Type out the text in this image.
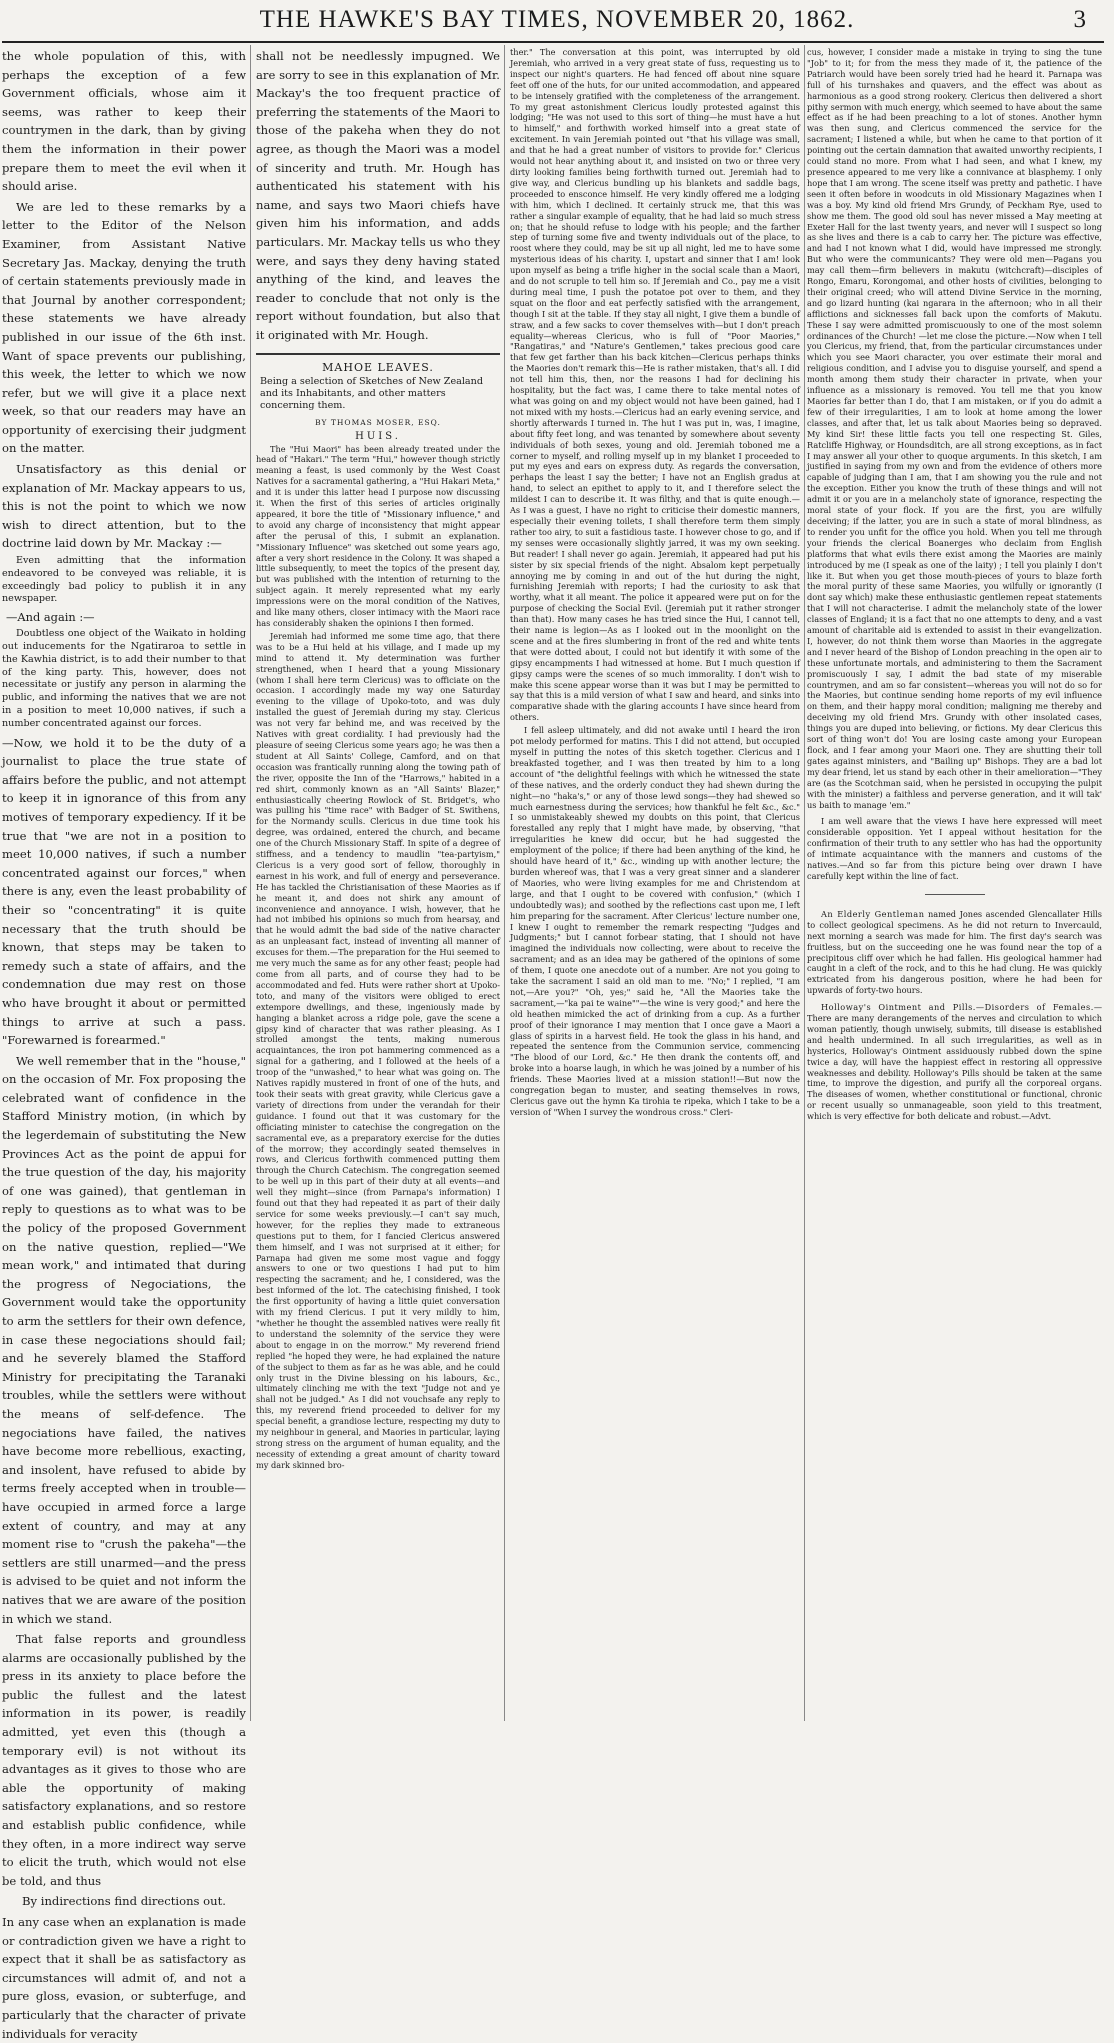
THE HAWKE'S BAY TIMES, NOVEMBER 20, 1862.	3

the whole population of this, with perhaps the exception of a few Government officials, whose aim it seems, was rather to keep their countrymen in the dark, than by giving them the information in their power prepare them to meet the evil when it should arise.

We are led to these remarks by a letter to the Editor of the Nelson Examiner, from Assistant Native Secretary Jas. Mackay, denying the truth of certain statements previously made in that Journal by another correspondent; these statements we have already published in our issue of the 6th inst. Want of space prevents our publishing, this week, the letter to which we now refer, but we will give it a place next week, so that our readers may have an opportunity of exercising their judgment on the matter.

Unsatisfactory as this denial or explanation of Mr. Mackay appears to us, this is not the point to which we now wish to direct attention, but to the doctrine laid down by Mr. Mackay :—

Even admitting that the information endeavored to be conveyed was reliable, it is exceedingly bad policy to publish it in any newspaper.

—And again :—

Doubtless one object of the Waikato in holding out inducements for the Ngatiraroa to settle in the Kawhia district, is to add their number to that of the king party. This, however, does not necessitate or justify any person in alarming the public, and informing the natives that we are not in a position to meet 10,000 natives, if such a number concentrated against our forces.

—Now, we hold it to be the duty of a journalist to place the true state of affairs before the public, and not attempt to keep it in ignorance of this from any motives of temporary expediency. If it be true that "we are not in a position to meet 10,000 natives, if such a number concentrated against our forces," when there is any, even the least probability of their so "concentrating" it is quite necessary that the truth should be known, that steps may be taken to remedy such a state of affairs, and the condemnation due may rest on those who have brought it about or permitted things to arrive at such a pass. "Forewarned is forearmed."

We well remember that in the "house," on the occasion of Mr. Fox proposing the celebrated want of confidence in the Stafford Ministry motion, (in which by the legerdemain of substituting the New Provinces Act as the point de appui for the true question of the day, his majority of one was gained), that gentleman in reply to questions as to what was to be the policy of the proposed Government on the native question, replied—"We mean work," and intimated that during the progress of Negociations, the Government would take the opportunity to arm the settlers for their own defence, in case these negociations should fail; and he severely blamed the Stafford Ministry for precipitating the Taranaki troubles, while the settlers were without the means of self-defence. The negociations have failed, the natives have become more rebellious, exacting, and insolent, have refused to abide by terms freely accepted when in trouble—have occupied in armed force a large extent of country, and may at any moment rise to "crush the pakeha"—the settlers are still unarmed—and the press is advised to be quiet and not inform the natives that we are aware of the position in which we stand.

That false reports and groundless alarms are occasionally published by the press in its anxiety to place before the public the fullest and the latest information in its power, is readily admitted, yet even this (though a temporary evil) is not without its advantages as it gives to those who are able the opportunity of making satisfactory explanations, and so restore and establish public confidence, while they often, in a more indirect way serve to elicit the truth, which would not else be told, and thus

By indirections find directions out.

In any case when an explanation is made or contradiction given we have a right to expect that it shall be as satisfactory as circumstances will admit of, and not a pure gloss, evasion, or subterfuge, and particularly that the character of private individuals for veracity

shall not be needlessly impugned. We are sorry to see in this explanation of Mr. Mackay's the too frequent practice of preferring the statements of the Maori to those of the pakeha when they do not agree, as though the Maori was a model of sincerity and truth. Mr. Hough has authenticated his statement with his name, and says two Maori chiefs have given him his information, and adds particulars. Mr. Mackay tells us who they were, and says they deny having stated anything of the kind, and leaves the reader to conclude that not only is the report without foundation, but also that it originated with Mr. Hough.

MAHOE LEAVES.

Being a selection of Sketches of New Zealand and its Inhabitants, and other matters concerning them.

BY THOMAS MOSER, ESQ.
HUIS.

The "Hui Maori" has been already treated under the head of "Hakari." The term "Hui," however though strictly meaning a feast, is used commonly by the West Coast Natives for a sacramental gathering, a "Hui Hakari Meta," and it is under this latter head I purpose now discussing it. When the first of this series of articles originally appeared, it bore the title of "Missionary influence," and to avoid any charge of inconsistency that might appear after the perusal of this, I submit an explanation. "Missionary Influence" was sketched out some years ago, after a very short residence in the Colony. It was shaped a little subsequently, to meet the topics of the present day, but was published with the intention of returning to the subject again. It merely represented what my early impressions were on the moral condition of the Natives, and like many others, closer intimacy with the Maori race has considerably shaken the opinions I then formed.

Jeremiah had informed me some time ago, that there was to be a Hui held at his village, and I made up my mind to attend it. My determination was further strengthened, when I heard that a young Missionary (whom I shall here term Clericus) was to officiate on the occasion. I accordingly made my way one Saturday evening to the village of Upoko-toto, and was duly installed the guest of Jeremiah during my stay. Clericus was not very far behind me, and was received by the Natives with great cordiality. I had previously had the pleasure of seeing Clericus some years ago; he was then a student at All Saints' College, Camford, and on that occasion was frantically running along the towing path of the river, opposite the Inn of the "Harrows," habited in a red shirt, commonly known as an "All Saints' Blazer," enthusiastically cheering Rowlock of St. Bridget's, who was pulling his "time race" with Badger of St. Swithens, for the Normandy sculls. Clericus in due time took his degree, was ordained, entered the church, and became one of the Church Missionary Staff. In spite of a degree of stiffness, and a tendency to maudlin "tea-partyism," Clericus is a very good sort of fellow, thoroughly in earnest in his work, and full of energy and perseverance. He has tackled the Christianisation of these Maories as if he meant it, and does not shirk any amount of inconvenience and annoyance. I wish, however, that he had not imbibed his opinions so much from hearsay, and that he would admit the bad side of the native character as an unpleasant fact, instead of inventing all manner of excuses for them.—The preparation for the Hui seemed to me very much the same as for any other feast; people had come from all parts, and of course they had to be accommodated and fed. Huts were rather short at Upoko-toto, and many of the visitors were obliged to erect extempore dwellings, and these, ingeniously made by hanging a blanket across a ridge pole, gave the scene a gipsy kind of character that was rather pleasing. As I strolled amongst the tents, making numerous acquaintances, the iron pot hammering commenced as a signal for a gathering, and I followed at the heels of a troop of the "unwashed," to hear what was going on. The Natives rapidly mustered in front of one of the huts, and took their seats with great gravity, while Clericus gave a variety of directions from under the verandah for their guidance. I found out that it was customary for the officiating minister to catechise the congregation on the sacramental eve, as a preparatory exercise for the duties of the morrow; they accordingly seated themselves in rows, and Clericus forthwith commenced putting them through the Church Catechism. The congregation seemed to be well up in this part of their duty at all events—and well they might—since (from Parnapa's information) I found out that they had repeated it as part of their daily service for some weeks previously.—I can't say much, however, for the replies they made to extraneous questions put to them, for I fancied Clericus answered them himself, and I was not surprised at it either; for Parnapa had given me some most vague and foggy answers to one or two questions I had put to him respecting the sacrament; and he, I considered, was the best informed of the lot. The catechising finished, I took the first opportunity of having a little quiet conversation with my friend Clericus. I put it very mildly to him, "whether he thought the assembled natives were really fit to understand the solemnity of the service they were about to engage in on the morrow." My reverend friend replied "he hoped they were, he had explained the nature of the subject to them as far as he was able, and he could only trust in the Divine blessing on his labours, &c., ultimately clinching me with the text "Judge not and ye shall not be judged." As I did not vouchsafe any reply to this, my reverend friend proceeded to deliver for my special benefit, a grandiose lecture, respecting my duty to my neighbour in general, and Maories in particular, laying strong stress on the argument of human equality, and the necessity of extending a great amount of charity toward my dark skinned bro-

ther." The conversation at this point, was interrupted by old Jeremiah, who arrived in a very great state of fuss, requesting us to inspect our night's quarters. He had fenced off about nine square feet off one of the huts, for our united accommodation, and appeared to be intensely gratified with the completeness of the arrangement. To my great astonishment Clericus loudly protested against this lodging; "He was not used to this sort of thing—he must have a hut to himself," and forthwith worked himself into a great state of excitement. In vain Jeremiah pointed out "that his village was small, and that he had a great number of visitors to provide for." Clericus would not hear anything about it, and insisted on two or three very dirty looking families being forthwith turned out. Jeremiah had to give way, and Clericus bundling up his blankets and saddle bags, proceeded to ensconce himself. He very kindly offered me a lodging with him, which I declined. It certainly struck me, that this was rather a singular example of equality, that he had laid so much stress on; that he should refuse to lodge with his people; and the farther step of turning some five and twenty individuals out of the place, to roost where they could, may be sit up all night, led me to have some mysterious ideas of his charity. I, upstart and sinner that I am! look upon myself as being a trifle higher in the social scale than a Maori, and do not scruple to tell him so. If Jeremiah and Co., pay me a visit during meal time, I push the potatoe pot over to them, and they squat on the floor and eat perfectly satisfied with the arrangement, though I sit at the table. If they stay all night, I give them a bundle of straw, and a few sacks to cover themselves with—but I don't preach equality—whereas Clericus, who is full of "Poor Maories," "Rangatiras," and "Nature's Gentlemen," takes precious good care that few get farther than his back kitchen—Clericus perhaps thinks the Maories don't remark this—He is rather mistaken, that's all. I did not tell him this, then, nor the reasons I had for declining his hospitality, but the fact was, I came there to take mental notes of what was going on and my object would not have been gained, had I not mixed with my hosts.—Clericus had an early evening service, and shortly afterwards I turned in. The hut I was put in, was, I imagine, about fifty feet long, and was tenanted by somewhere about seventy individuals of both sexes, young and old. Jeremiah toboned me a corner to myself, and rolling myself up in my blanket I proceeded to put my eyes and ears on express duty. As regards the conversation, perhaps the least I say the better; I have not an English gradus at hand, to select an epithet to apply to it, and I therefore select the mildest I can to describe it. It was filthy, and that is quite enough.—As I was a guest, I have no right to criticise their domestic manners, especially their evening toilets, I shall therefore term them simply rather too airy, to suit a fastidious taste. I however chose to go, and if my senses were occasionally slightly jarred, it was my own seeking. But reader! I shall never go again. Jeremiah, it appeared had put his sister by six special friends of the night. Absalom kept perpetually annoying me by coming in and out of the hut during the night, furnishing Jeremiah with reports; I had the curiosity to ask that worthy, what it all meant. The police it appeared were put on for the purpose of checking the Social Evil. (Jeremiah put it rather stronger than that). How many cases he has tried since the Hui, I cannot tell, their name is legion—As as I looked out in the moonlight on the scene and at the fires slumbering in front of the red and white tents that were dotted about, I could not but identify it with some of the gipsy encampments I had witnessed at home. But I much question if gipsy camps were the scenes of so much immorality. I don't wish to make this scene appear worse than it was but I may be permitted to say that this is a mild version of what I saw and heard, and sinks into comparative shade with the glaring accounts I have since heard from others.

I fell asleep ultimately, and did not awake until I heard the iron pot melody performed for matins. This I did not attend, but occupied myself in putting the notes of this sketch together. Clericus and I breakfasted together, and I was then treated by him to a long account of "the delightful feelings with which he witnessed the state of these natives, and the orderly conduct they had shewn during the night—no "haka's," or any of those lewd songs—they had shewed so much earnestness during the services; how thankful he felt &c., &c." I so unmistakeably shewed my doubts on this point, that Clericus forestalled any reply that I might have made, by observing, "that irregularities he knew did occur, but he had suggested the employment of the police; if there had been anything of the kind, he should have heard of it," &c., winding up with another lecture; the burden whereof was, that I was a very great sinner and a slanderer of Maories, who were living examples for me and Christendom at large, and that I ought to be covered with confusion," (which I undoubtedly was); and soothed by the reflections cast upon me, I left him preparing for the sacrament. After Clericus' lecture number one, I knew I ought to remember the remark respecting "Judges and Judgments;" but I cannot forbear stating, that I should not have imagined the individuals now collecting, were about to receive the sacrament; and as an idea may be gathered of the opinions of some of them, I quote one anecdote out of a number. Are not you going to take the sacrament I said an old man to me. "No;" I replied, "I am not,—Are you?" "Oh, yes;" said he, "All the Maories take the sacrament,—"ka pai te waine""—the wine is very good;" and here the old heathen mimicked the act of drinking from a cup. As a further proof of their ignorance I may mention that I once gave a Maori a glass of spirits in a harvest field. He took the glass in his hand, and repeated the sentence from the Communion service, commencing "The blood of our Lord, &c." He then drank the contents off, and broke into a hoarse laugh, in which he was joined by a number of his friends. These Maories lived at a mission station!!—But now the congregation began to muster, and seating themselves in rows, Clericus gave out the hymn Ka tirohia te ripeka, which I take to be a version of "When I survey the wondrous cross." Cleri-

cus, however, I consider made a mistake in trying to sing the tune "Job" to it; for from the mess they made of it, the patience of the Patriarch would have been sorely tried had he heard it. Parnapa was full of his turnshakes and quavers, and the effect was about as harmonious as a good strong rookery. Clericus then delivered a short pithy sermon with much energy, which seemed to have about the same effect as if he had been preaching to a lot of stones. Another hymn was then sung, and Clericus commenced the service for the sacrament; I listened a while, but when he came to that portion of it pointing out the certain damnation that awaited unworthy recipients, I could stand no more. From what I had seen, and what I knew, my presence appeared to me very like a connivance at blasphemy. I only hope that I am wrong. The scene itself was pretty and pathetic. I have seen it often before in woodcuts in old Missionary Magazines when I was a boy. My kind old friend Mrs Grundy, of Peckham Rye, used to show me them. The good old soul has never missed a May meeting at Exeter Hall for the last twenty years, and never will I suspect so long as she lives and there is a cab to carry her. The picture was effective, and had I not known what I did, would have impressed me strongly. But who were the communicants? They were old men—Pagans you may call them—firm believers in makutu (witchcraft)—disciples of Rongo, Emaru, Korongomai, and other hosts of civilities, belonging to their original creed; who will attend Divine Service in the morning, and go lizard hunting (kai ngarara in the afternoon; who in all their afflictions and sicknesses fall back upon the comforts of Makutu. These I say were admitted promiscuously to one of the most solemn ordinances of the Church! —let me close the picture.—Now when I tell you Clericus, my friend, that, from the particular circumstances under which you see Maori character, you over estimate their moral and religious condition, and I advise you to disguise yourself, and spend a month among them study their character in private, when your influence as a missionary is removed. You tell me that you know Maories far better than I do, that I am mistaken, or if you do admit a few of their irregularities, I am to look at home among the lower classes, and after that, let us talk about Maories being so depraved. My kind Sir! these little facts you tell one respecting St. Giles, Ratcliffe Highway, or Houndsditch, are all strong exceptions, as in fact I may answer all your other to quoque arguments. In this sketch, I am justified in saying from my own and from the evidence of others more capable of judging than I am, that I am showing you the rule and not the exception. Either you know the truth of these things and will not admit it or you are in a melancholy state of ignorance, respecting the moral state of your flock. If you are the first, you are wilfully deceiving; if the latter, you are in such a state of moral blindness, as to render you unfit for the office you hold. When you tell me through your friends the clerical Boanerges who declaim from English platforms that what evils there exist among the Maories are mainly introduced by me (I speak as one of the laity) ; I tell you plainly I don't like it. But when you get those mouth-pieces of yours to blaze forth the moral purity of these same Maories, you wilfully or ignorantly (I dont say which) make these enthusiastic gentlemen repeat statements that I will not characterise. I admit the melancholy state of the lower classes of England; it is a fact that no one attempts to deny, and a vast amount of charitable aid is extended to assist in their evangelization. I, however, do not think them worse than Maories in the aggregate and I never heard of the Bishop of London preaching in the open air to these unfortunate mortals, and administering to them the Sacrament promiscuously I say, I admit the bad state of my miserable countrymen, and am so far consistent—whereas you will not do so for the Maories, but continue sending home reports of my evil influence on them, and their happy moral condition; maligning me thereby and deceiving my old friend Mrs. Grundy with other insolated cases, things you are duped into believing, or fictions. My dear Clericus this sort of thing won't do! You are losing caste among your European flock, and I fear among your Maori one. They are shutting their toll gates against ministers, and "Bailing up" Bishops. They are a bad lot my dear friend, let us stand by each other in their amelioration—"They are (as the Scotchman said, when he persisted in occupying the pulpit with the minister) a faithless and perverse generation, and it will tak' us baith to manage 'em."

I am well aware that the views I have here expressed will meet considerable opposition. Yet I appeal without hesitation for the confirmation of their truth to any settler who has had the opportunity of intimate acquaintance with the manners and customs of the natives.—And so far from this picture being over drawn I have carefully kept within the line of fact.

An Elderly Gentleman named Jones ascended Glencallater Hills to collect geological specimens. As he did not return to Invercauld, next morning a search was made for him. The first day's search was fruitless, but on the succeeding one he was found near the top of a precipitous cliff over which he had fallen. His geological hammer had caught in a cleft of the rock, and to this he had clung. He was quickly extricated from his dangerous position, where he had been for upwards of forty-two hours.

Holloway's Ointment and Pills.—Disorders of Females.—There are many derangements of the nerves and circulation to which woman patiently, though unwisely, submits, till disease is established and health undermined. In all such irregularities, as well as in hysterics, Holloway's Ointment assiduously rubbed down the spine twice a day, will have the happiest effect in restoring all oppressive weaknesses and debility. Holloway's Pills should be taken at the same time, to improve the digestion, and purify all the corporeal organs. The diseases of women, whether constitutional or functional, chronic or recent usually so unmanageable, soon yield to this treatment, which is very effective for both delicate and robust.—Advt.
